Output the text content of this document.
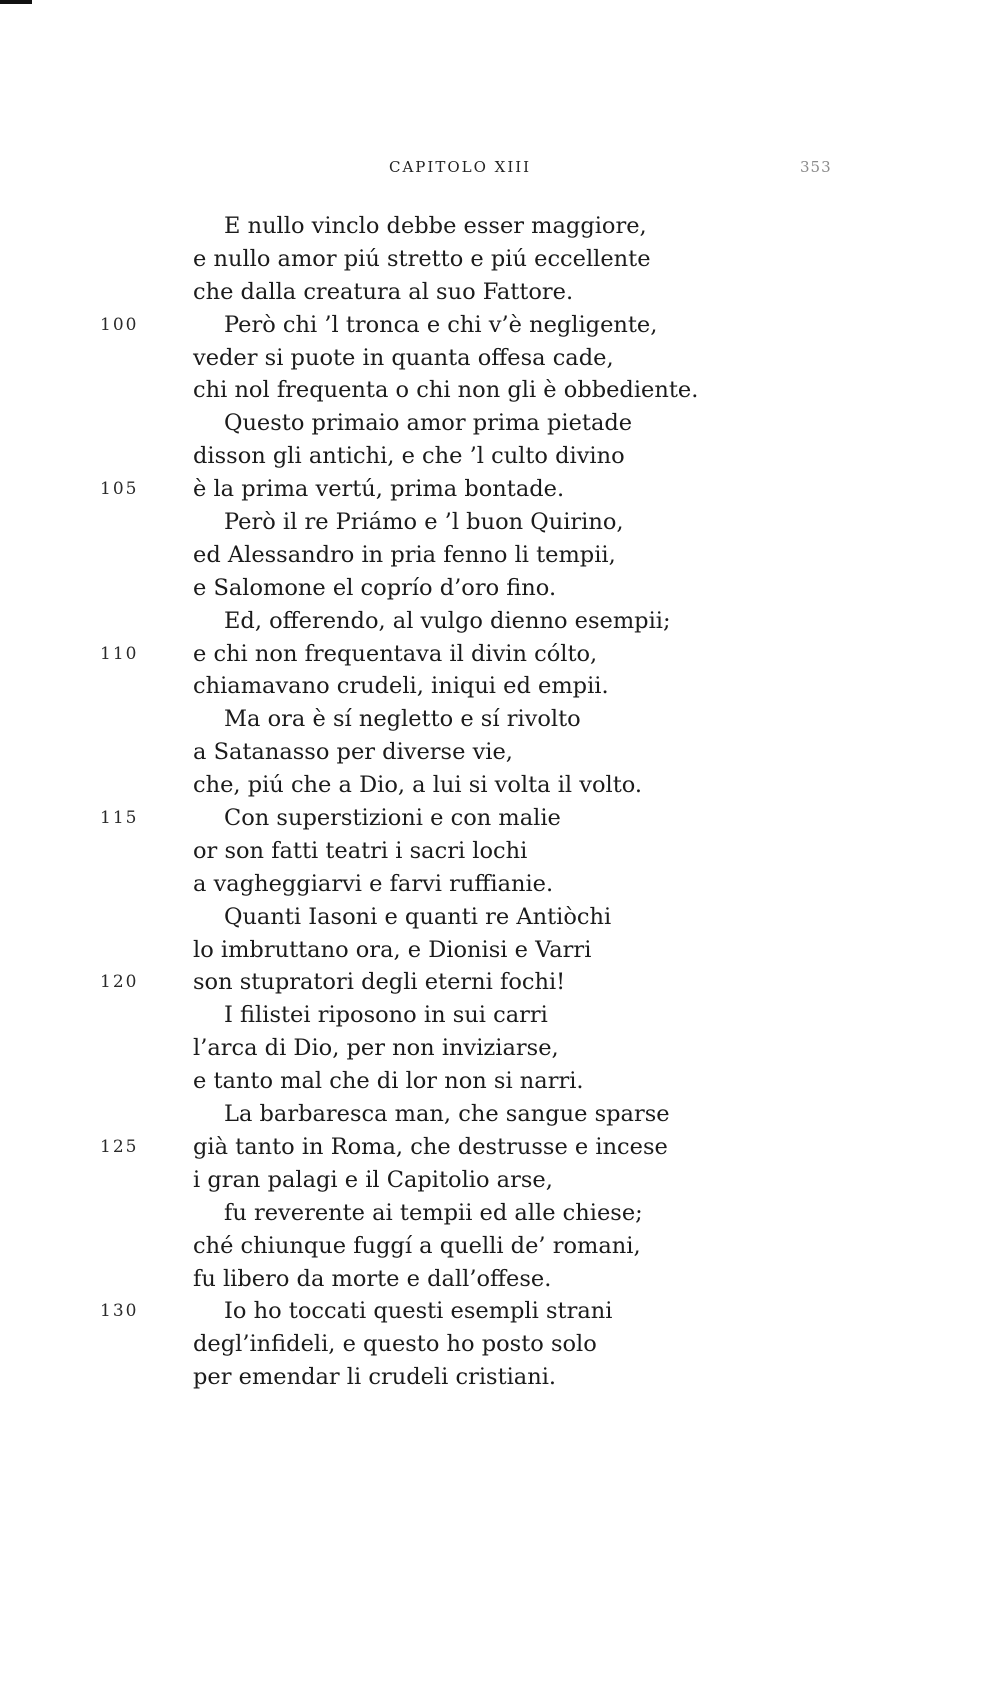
CAPITOLO XIII	353
E nullo vinclo debbe esser maggiore,
e nullo amor piú stretto e piú eccellente
che dalla creatura al suo Fattore.
100	Però chi ’l tronca e chi v’è negligente,
veder si puote in quanta offesa cade,
chi nol frequenta o chi non gli è obbediente.
Questo primaio amor prima pietade
disson gli antichi, e che ’l culto divino
105	è la prima vertú, prima bontade.
Però il re Priámo e ’l buon Quirino,
ed Alessandro in pria fenno li tempii,
e Salomone el coprío d’oro fino.
Ed, offerendo, al vulgo dienno esempii;
110	e chi non frequentava il divin cólto,
chiamavano crudeli, iniqui ed empii.
Ma ora è sí negletto e sí rivolto
a Satanasso per diverse vie,
che, piú che a Dio, a lui si volta il volto.
115	Con superstizioni e con malie
or son fatti teatri i sacri lochi
a vagheggiarvi e farvi ruffianie.
Quanti Iasoni e quanti re Antiòchi
lo imbruttano ora, e Dionisi e Varri
120	son stupratori degli eterni fochi!
I filistei riposono in sui carri
l’arca di Dio, per non inviziarse,
e tanto mal che di lor non si narri.
La barbaresca man, che sangue sparse
125	già tanto in Roma, che destrusse e incese
i gran palagi e il Capitolio arse,
fu reverente ai tempii ed alle chiese;
ché chiunque fuggí a quelli de’ romani,
fu libero da morte e dall’offese.
130	Io ho toccati questi esempli strani
degl’infideli, e questo ho posto solo
per emendar li crudeli cristiani.
